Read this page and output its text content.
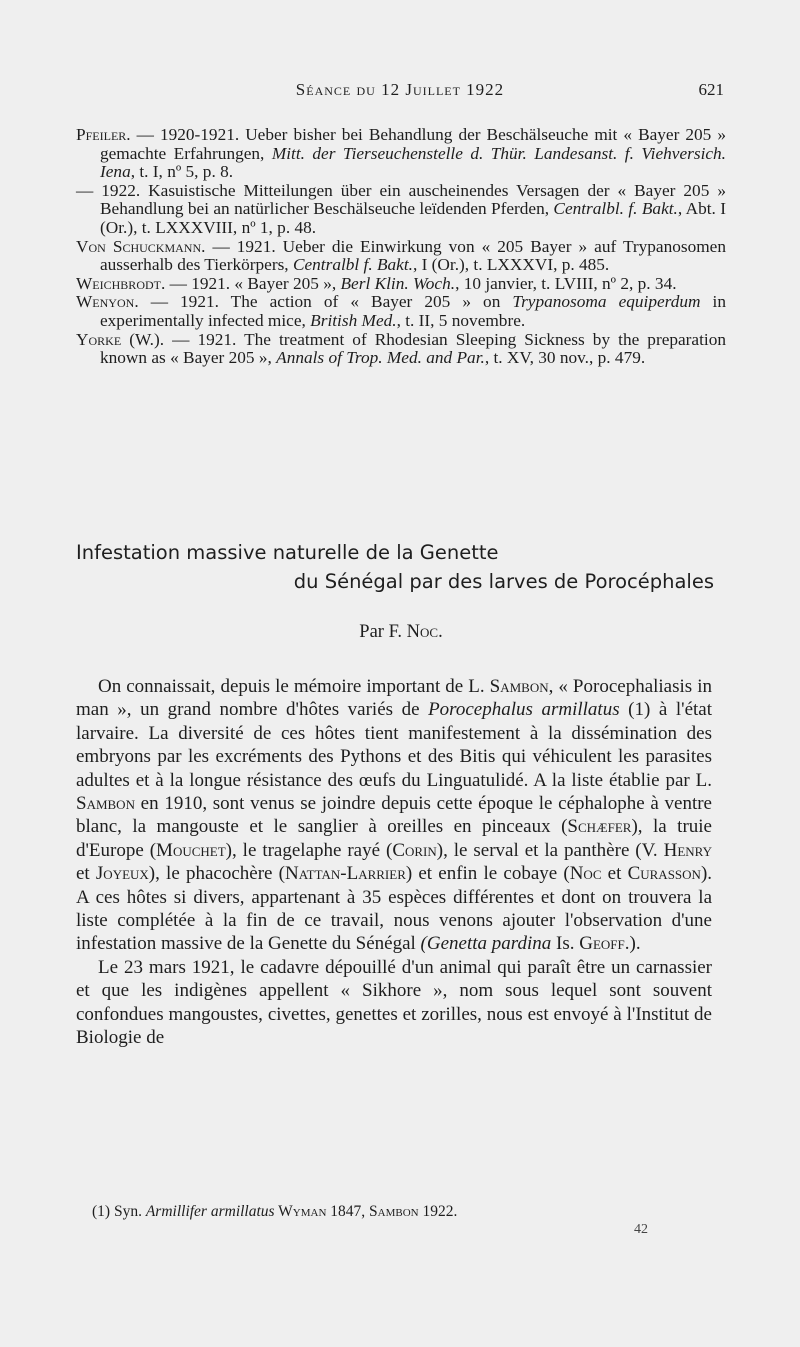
Séance du 12 Juillet 1922	621

Pfeiler. — 1920-1921. Ueber bisher bei Behandlung der Beschälseuche mit « Bayer 205 » gemachte Erfahrungen, Mitt. der Tierseuchenstelle d. Thür. Landesanst. f. Viehversich. Iena, t. I, nº 5, p. 8.

— 1922. Kasuistische Mitteilungen über ein auscheinendes Versagen der « Bayer 205 » Behandlung bei an natürlicher Beschälseuche leïdenden Pferden, Centralbl. f. Bakt., Abt. I (Or.), t. LXXXVIII, nº 1, p. 48.

Von Schuckmann. — 1921. Ueber die Einwirkung von « 205 Bayer » auf Trypanosomen ausserhalb des Tierkörpers, Centralbl f. Bakt., I (Or.), t. LXXXVI, p. 485.

Weichbrodt. — 1921. « Bayer 205 », Berl Klin. Woch., 10 janvier, t. LVIII, nº 2, p. 34.

Wenyon. — 1921. The action of « Bayer 205 » on Trypanosoma equiperdum in experimentally infected mice, British Med., t. II, 5 novembre.

Yorke (W.). — 1921. The treatment of Rhodesian Sleeping Sickness by the preparation known as « Bayer 205 », Annals of Trop. Med. and Par., t. XV, 30 nov., p. 479.

Infestation massive naturelle de la Genette
du Sénégal par des larves de Porocéphales
Par F. Noc.

On connaissait, depuis le mémoire important de L. Sambon, « Porocephaliasis in man », un grand nombre d'hôtes variés de Porocephalus armillatus (1) à l'état larvaire. La diversité de ces hôtes tient manifestement à la dissémination des embryons par les excréments des Pythons et des Bitis qui véhiculent les parasites adultes et à la longue résistance des œufs du Linguatulidé. A la liste établie par L. Sambon en 1910, sont venus se joindre depuis cette époque le céphalophe à ventre blanc, la mangouste et le sanglier à oreilles en pinceaux (Schæfer), la truie d'Europe (Mouchet), le tragelaphe rayé (Corin), le serval et la panthère (V. Henry et Joyeux), le phacochère (Nattan-Larrier) et enfin le cobaye (Noc et Curasson). A ces hôtes si divers, appartenant à 35 espèces différentes et dont on trouvera la liste complétée à la fin de ce travail, nous venons ajouter l'observation d'une infestation massive de la Genette du Sénégal (Genetta pardina Is. Geoff.).

Le 23 mars 1921, le cadavre dépouillé d'un animal qui paraît être un carnassier et que les indigènes appellent « Sikhore », nom sous lequel sont souvent confondues mangoustes, civettes, genettes et zorilles, nous est envoyé à l'Institut de Biologie de

(1) Syn. Armillifer armillatus Wyman 1847, Sambon 1922.
42
